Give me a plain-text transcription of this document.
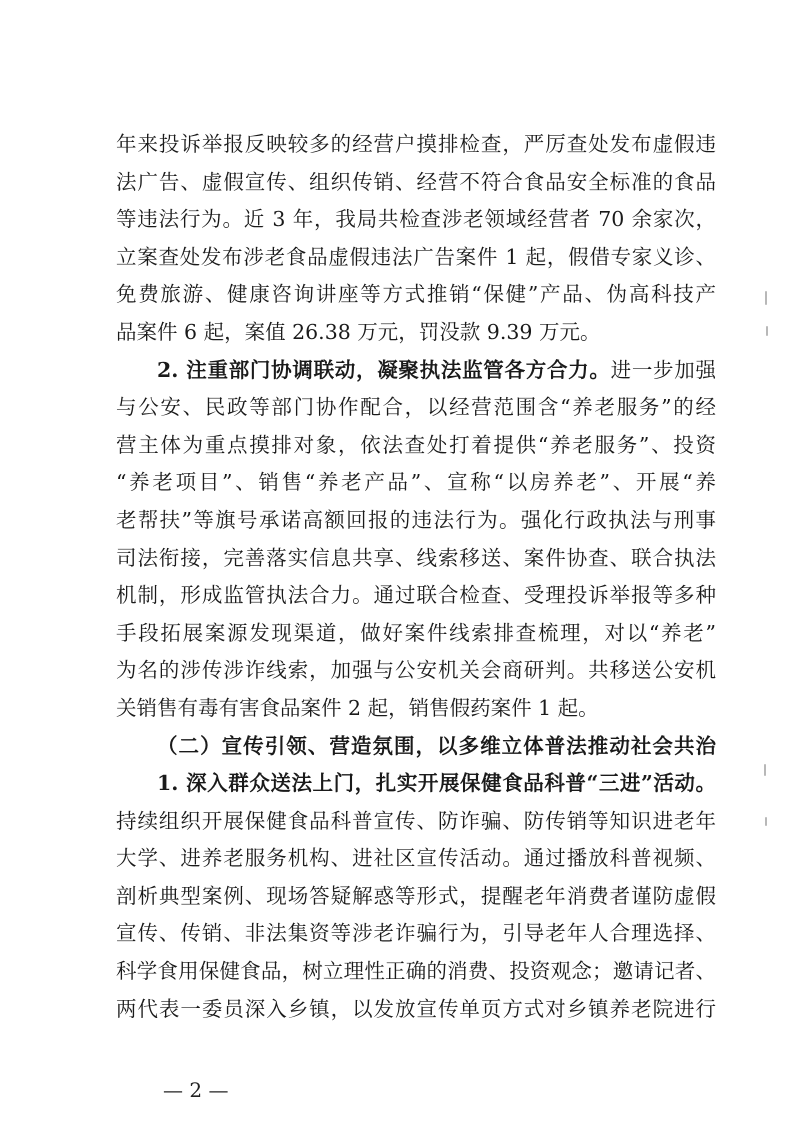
年来投诉举报反映较多的经营户摸排检查，严厉查处发布虚假违
法广告、虚假宣传、组织传销、经营不符合食品安全标准的食品
等违法行为。近 3 年，我局共检查涉老领域经营者 70 余家次，
立案查处发布涉老食品虚假违法广告案件 1 起，假借专家义诊、
免费旅游、健康咨询讲座等方式推销“保健”产品、伪高科技产
品案件 6 起，案值 26.38 万元，罚没款 9.39 万元。
2. 注重部门协调联动，凝聚执法监管各方合力。进一步加强
与公安、民政等部门协作配合，以经营范围含“养老服务”的经
营主体为重点摸排对象，依法查处打着提供“养老服务”、投资
“养老项目”、销售“养老产品”、宣称“以房养老”、开展“养
老帮扶”等旗号承诺高额回报的违法行为。强化行政执法与刑事
司法衔接，完善落实信息共享、线索移送、案件协查、联合执法
机制，形成监管执法合力。通过联合检查、受理投诉举报等多种
手段拓展案源发现渠道，做好案件线索排查梳理，对以“养老”
为名的涉传涉诈线索，加强与公安机关会商研判。共移送公安机
关销售有毒有害食品案件 2 起，销售假药案件 1 起。
（二）宣传引领、营造氛围，以多维立体普法推动社会共治
1. 深入群众送法上门，扎实开展保健食品科普“三进”活动。
持续组织开展保健食品科普宣传、防诈骗、防传销等知识进老年
大学、进养老服务机构、进社区宣传活动。通过播放科普视频、
剖析典型案例、现场答疑解惑等形式，提醒老年消费者谨防虚假
宣传、传销、非法集资等涉老诈骗行为，引导老年人合理选择、
科学食用保健食品，树立理性正确的消费、投资观念；邀请记者、
两代表一委员深入乡镇，以发放宣传单页方式对乡镇养老院进行
— 2 —
